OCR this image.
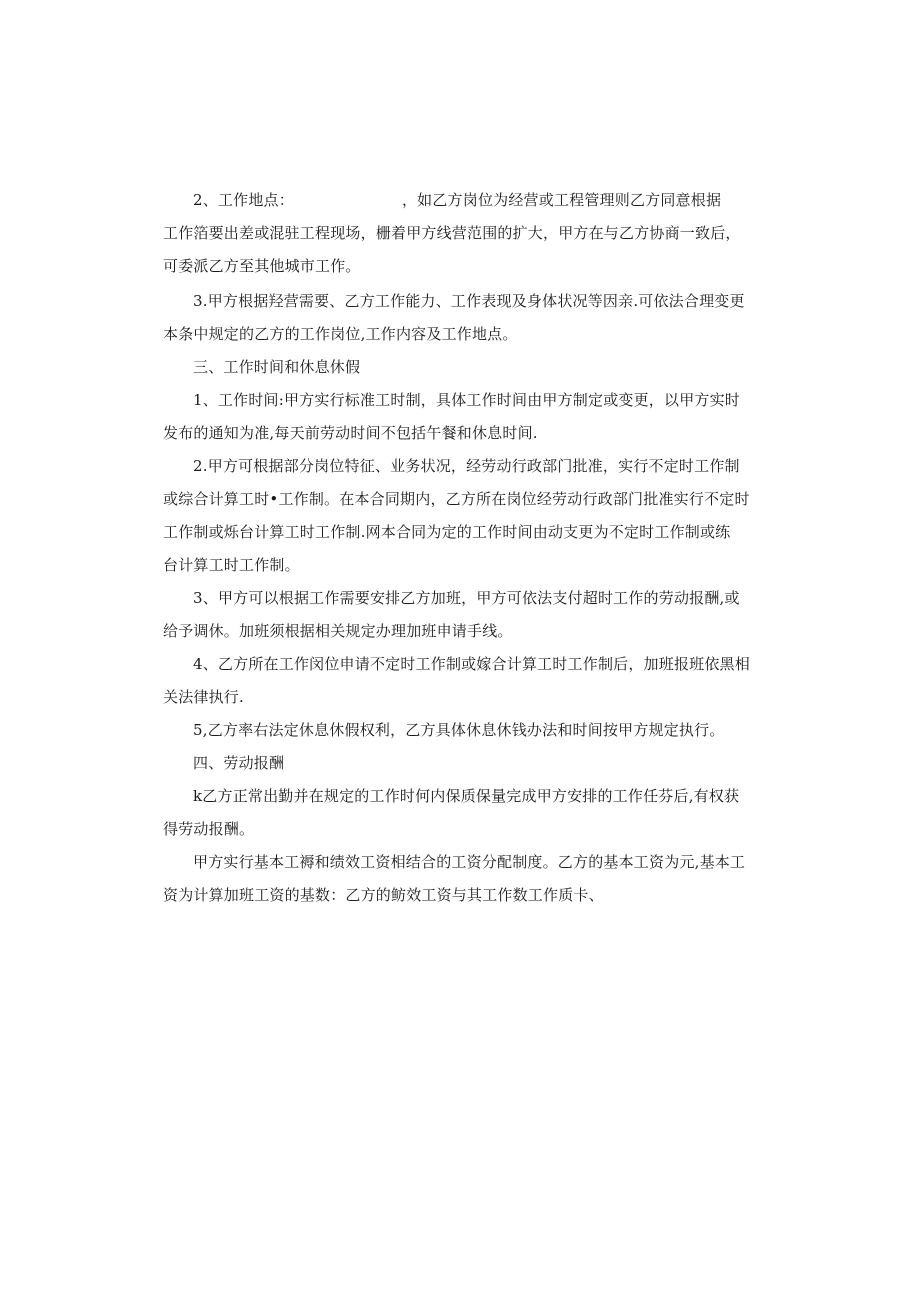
2、工作地点：	，如乙方岗位为经营或工程管理则乙方同意根据
工作箔要出差或混驻工程现场，栅着甲方线营范围的扩大，甲方在与乙方协商一致后，
可委派乙方至其他城市工作。
3.甲方根据羟营需要、乙方工作能力、工作表现及身体状况等因亲.可依法合理变更
本条中规定的乙方的工作岗位,工作内容及工作地点。
三、工作时间和休息休假
1、工作时间:甲方实行标准工时制，具体工作时间由甲方制定或变更，以甲方实时
发布的通知为准,每天前劳动时间不包括午餐和休息时间.
2.甲方可根据部分岗位特征、业务状况，经劳动行政部门批准，实行不定时工作制
或综合计算工时•工作制。在本合同期内，乙方所在岗位经劳动行政部门批准实行不定时
工作制或烁台计算工时工作制.网本合同为定的工作时间由动支更为不定时工作制或练
台计算工时工作制。
3、甲方可以根据工作需要安排乙方加班，甲方可依法支付超时工作的劳动报酬,或
给予调休。加班须根据相关规定办理加班申请手线。
4、乙方所在工作闵位申请不定时工作制或嫁合计算工时工作制后，加班报班依黑相
关法律执行.
5,乙方率右法定休息休假权利，乙方具体休息休钱办法和时间按甲方规定执行。
四、劳动报酬
k乙方正常出勤并在规定的工作时何内保质保量完成甲方安排的工作任芬后,有权获
得劳动报酬。
甲方实行基本工褥和绩效工资相结合的工资分配制度。乙方的基本工资为元,基本工
资为计算加班工资的基数：乙方的鲂效工资与其工作数工作质卡、
